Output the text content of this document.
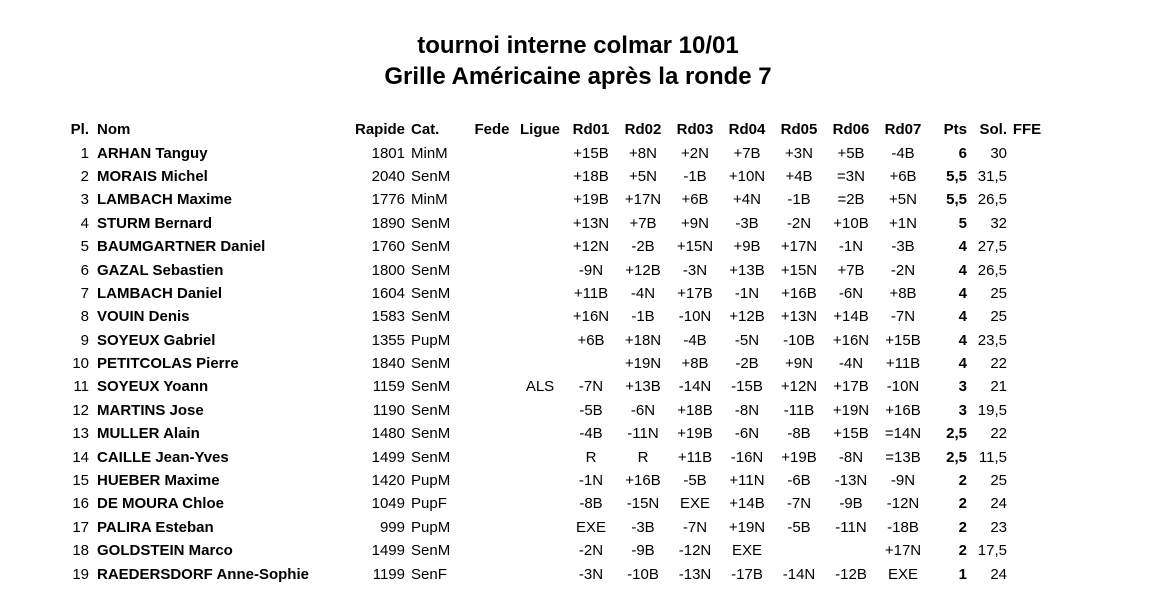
tournoi interne colmar 10/01
Grille Américaine après la ronde 7
Pl.	Nom	Rapide	Cat.	Fede	Ligue	Rd01	Rd02	Rd03	Rd04	Rd05	Rd06	Rd07	Pts	Sol.	FFE
1	ARHAN Tanguy	1801	MinM			+15B	+8N	+2N	+7B	+3N	+5B	-4B	6	30	
2	MORAIS Michel	2040	SenM			+18B	+5N	-1B	+10N	+4B	=3N	+6B	5,5	31,5	
3	LAMBACH Maxime	1776	MinM			+19B	+17N	+6B	+4N	-1B	=2B	+5N	5,5	26,5	
4	STURM Bernard	1890	SenM			+13N	+7B	+9N	-3B	-2N	+10B	+1N	5	32	
5	BAUMGARTNER Daniel	1760	SenM			+12N	-2B	+15N	+9B	+17N	-1N	-3B	4	27,5	
6	GAZAL Sebastien	1800	SenM			-9N	+12B	-3N	+13B	+15N	+7B	-2N	4	26,5	
7	LAMBACH Daniel	1604	SenM			+11B	-4N	+17B	-1N	+16B	-6N	+8B	4	25	
8	VOUIN Denis	1583	SenM			+16N	-1B	-10N	+12B	+13N	+14B	-7N	4	25	
9	SOYEUX Gabriel	1355	PupM			+6B	+18N	-4B	-5N	-10B	+16N	+15B	4	23,5	
10	PETITCOLAS Pierre	1840	SenM				+19N	+8B	-2B	+9N	-4N	+11B	4	22	
11	SOYEUX Yoann	1159	SenM		ALS	-7N	+13B	-14N	-15B	+12N	+17B	-10N	3	21	
12	MARTINS Jose	1190	SenM			-5B	-6N	+18B	-8N	-11B	+19N	+16B	3	19,5	
13	MULLER Alain	1480	SenM			-4B	-11N	+19B	-6N	-8B	+15B	=14N	2,5	22	
14	CAILLE Jean-Yves	1499	SenM			R	R	+11B	-16N	+19B	-8N	=13B	2,5	11,5	
15	HUEBER Maxime	1420	PupM			-1N	+16B	-5B	+11N	-6B	-13N	-9N	2	25	
16	DE MOURA Chloe	1049	PupF			-8B	-15N	EXE	+14B	-7N	-9B	-12N	2	24	
17	PALIRA Esteban	999	PupM			EXE	-3B	-7N	+19N	-5B	-11N	-18B	2	23	
18	GOLDSTEIN Marco	1499	SenM			-2N	-9B	-12N	EXE			+17N	2	17,5	
19	RAEDERSDORF Anne-Sophie	1199	SenF			-3N	-10B	-13N	-17B	-14N	-12B	EXE	1	24	
